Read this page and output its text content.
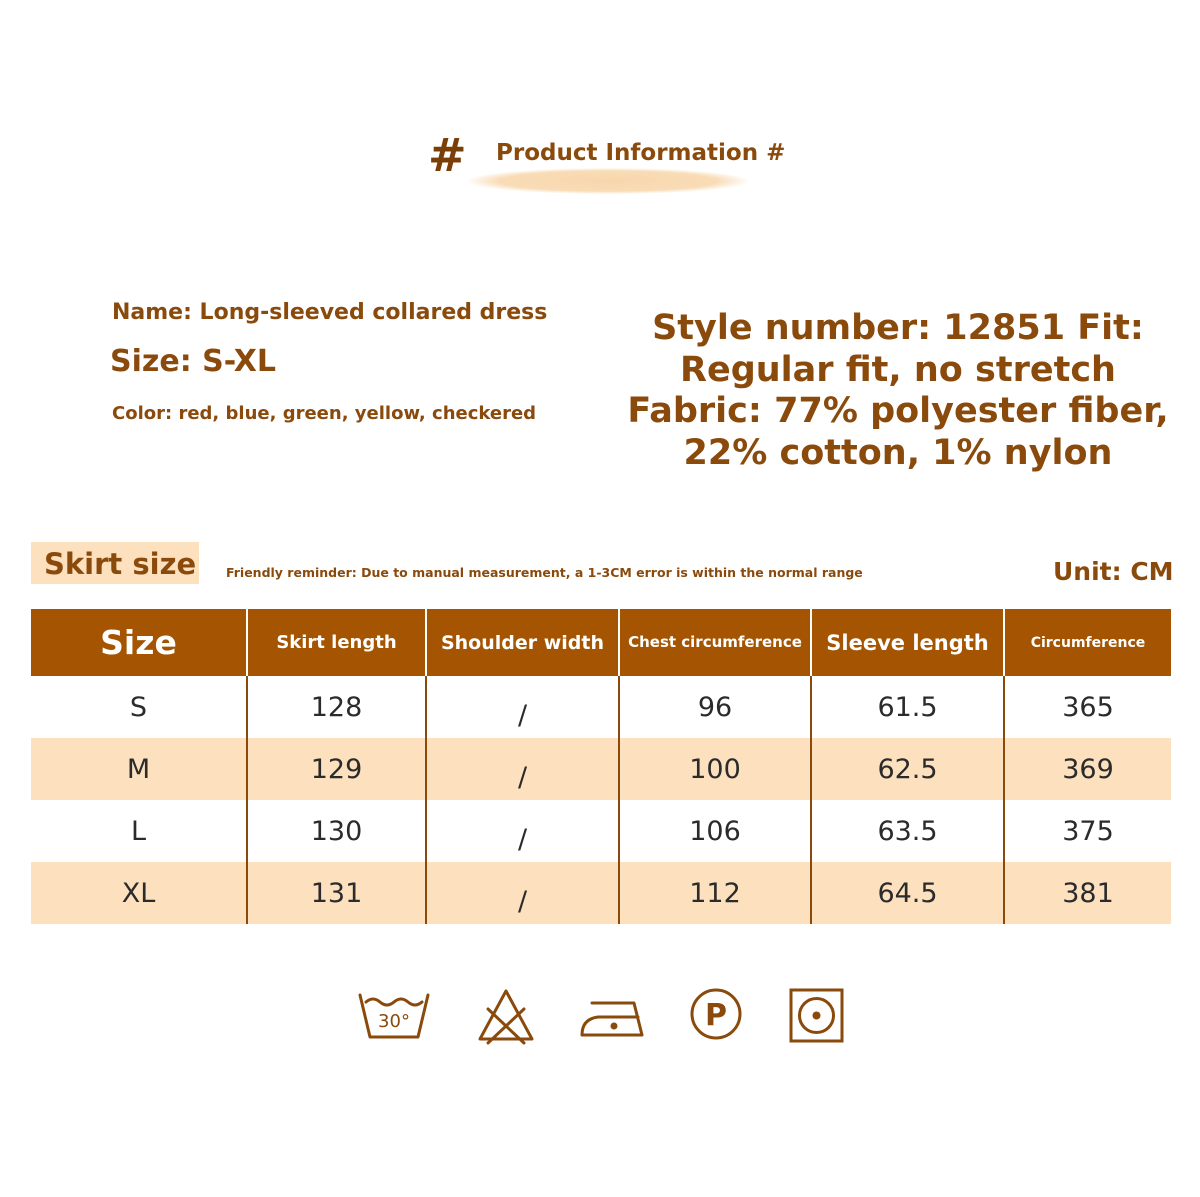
# Product Information #
Name: Long-sleeved collared dress
Size: S-XL
Color: red, blue, green, yellow, checkered
Style number: 12851 Fit: Regular fit, no stretch Fabric: 77% polyester fiber, 22% cotton, 1% nylon
Skirt size Friendly reminder: Due to manual measurement, a 1-3CM error is within the normal range	Unit: CM
Size	Skirt length	Shoulder width	Chest circumference	Sleeve length	Circumference
S	128	/	96	61.5	365
M	129	/	100	62.5	369
L	130	/	106	63.5	375
XL	131	/	112	64.5	381
30°	P
